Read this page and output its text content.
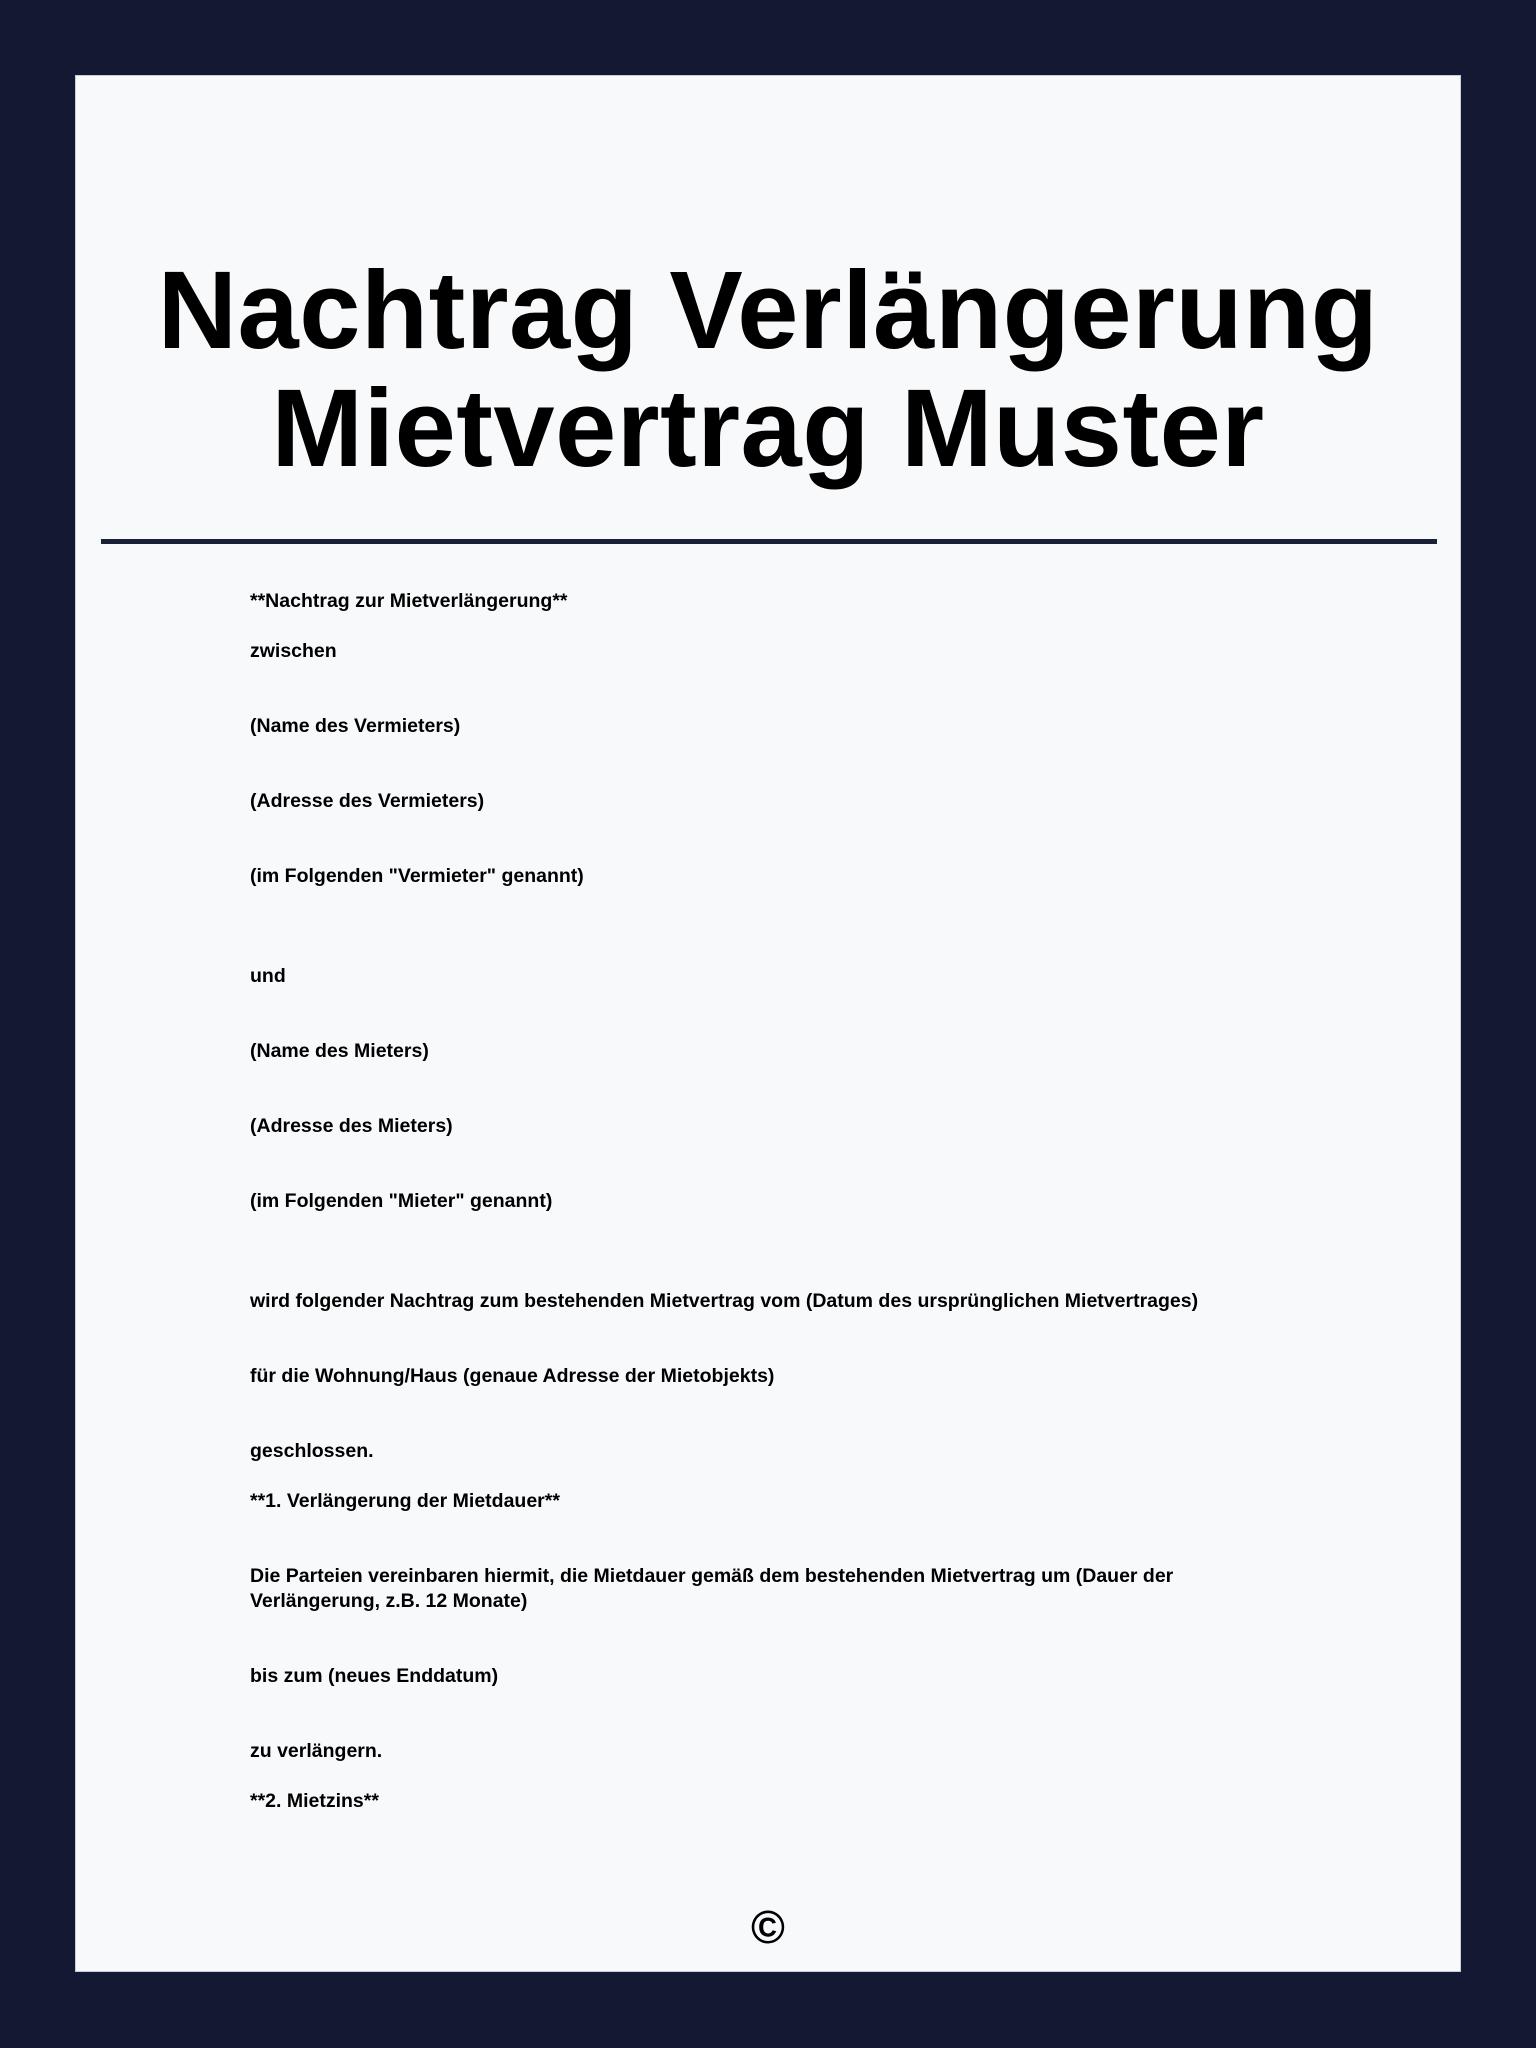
Nachtrag Verlängerung
Mietvertrag Muster

**Nachtrag zur Mietverlängerung**

zwischen

(Name des Vermieters)

(Adresse des Vermieters)

(im Folgenden "Vermieter" genannt)

und

(Name des Mieters)

(Adresse des Mieters)

(im Folgenden "Mieter" genannt)

wird folgender Nachtrag zum bestehenden Mietvertrag vom (Datum des ursprünglichen Mietvertrages)

für die Wohnung/Haus (genaue Adresse der Mietobjekts)

geschlossen.

**1. Verlängerung der Mietdauer**

Die Parteien vereinbaren hiermit, die Mietdauer gemäß dem bestehenden Mietvertrag um (Dauer der Verlängerung, z.B. 12 Monate)

bis zum (neues Enddatum)

zu verlängern.

**2. Mietzins**

©
